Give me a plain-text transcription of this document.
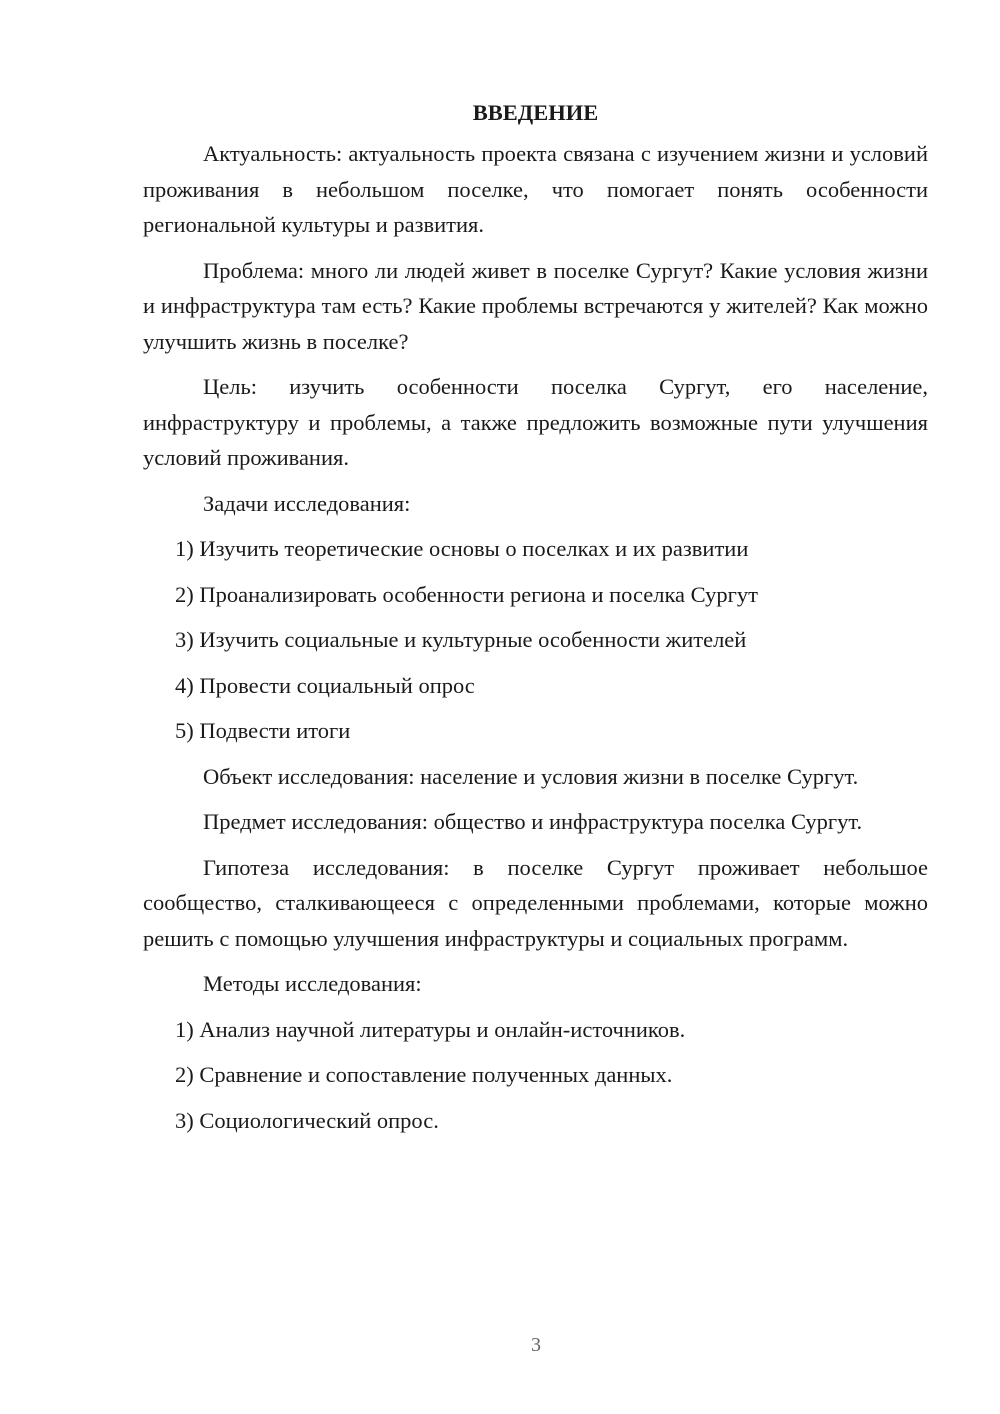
ВВЕДЕНИЕ

Актуальность: актуальность проекта связана с изучением жизни и условий проживания в небольшом поселке, что помогает понять особенности региональной культуры и развития.

Проблема: много ли людей живет в поселке Сургут? Какие условия жизни и инфраструктура там есть? Какие проблемы встречаются у жителей? Как можно улучшить жизнь в поселке?

Цель: изучить особенности поселка Сургут, его население, инфраструктуру и проблемы, а также предложить возможные пути улучшения условий проживания.

Задачи исследования:

1) Изучить теоретические основы о поселках и их развитии
2) Проанализировать особенности региона и поселка Сургут
3) Изучить социальные и культурные особенности жителей
4) Провести социальный опрос
5) Подвести итоги

Объект исследования: население и условия жизни в поселке Сургут.

Предмет исследования: общество и инфраструктура поселка Сургут.

Гипотеза исследования: в поселке Сургут проживает небольшое сообщество, сталкивающееся с определенными проблемами, которые можно решить с помощью улучшения инфраструктуры и социальных программ.

Методы исследования:

1) Анализ научной литературы и онлайн-источников.
2) Сравнение и сопоставление полученных данных.
3) Социологический опрос.
3
